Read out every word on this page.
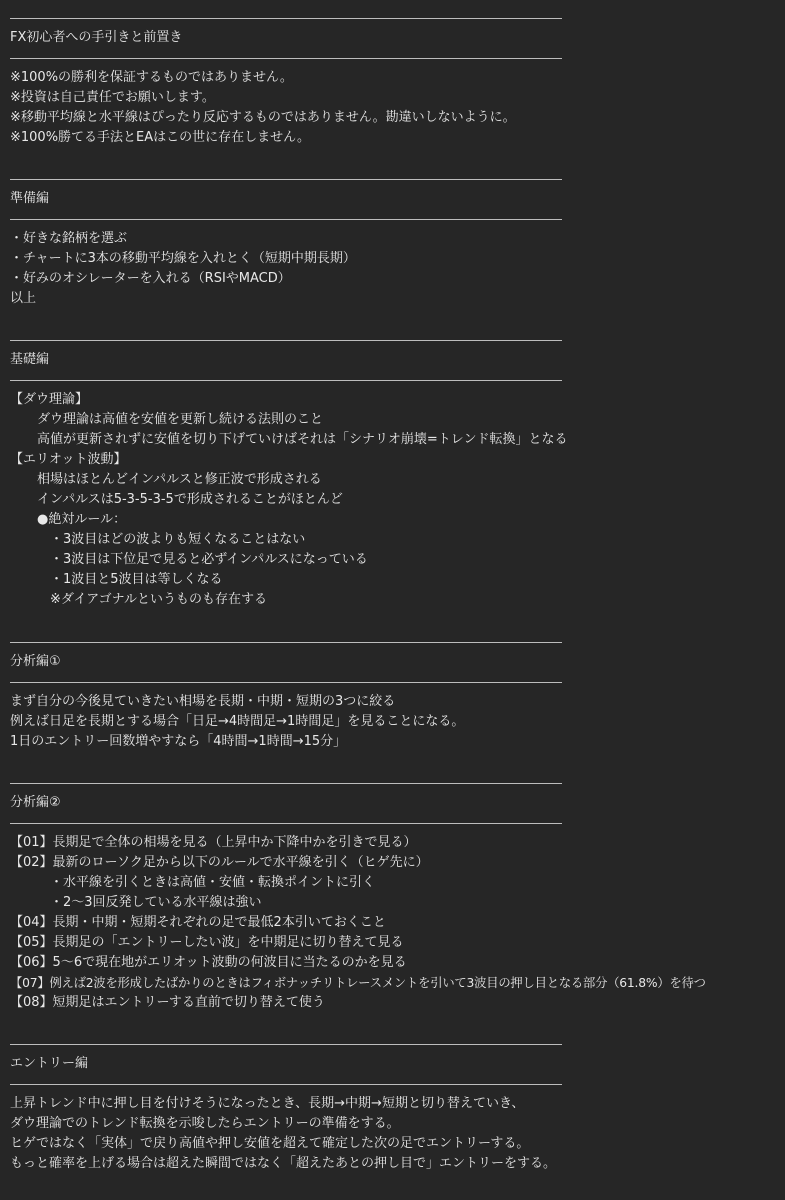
FX初心者への手引きと前置き
※100%の勝利を保証するものではありません。
※投資は自己責任でお願いします。
※移動平均線と水平線はぴったり反応するものではありません。勘違いしないように。
※100%勝てる手法とEAはこの世に存在しません。
準備編
・好きな銘柄を選ぶ
・チャートに3本の移動平均線を入れとく（短期中期長期）
・好みのオシレーターを入れる（RSIやMACD）
以上
基礎編
【ダウ理論】
ダウ理論は高値を安値を更新し続ける法則のこと
高値が更新されずに安値を切り下げていけばそれは「シナリオ崩壊=トレンド転換」となる
【エリオット波動】
相場はほとんどインパルスと修正波で形成される
インパルスは5-3-5-3-5で形成されることがほとんど
●絶対ルール：
・3波目はどの波よりも短くなることはない
・3波目は下位足で見ると必ずインパルスになっている
・1波目と5波目は等しくなる
※ダイアゴナルというものも存在する
分析編①
まず自分の今後見ていきたい相場を長期・中期・短期の3つに絞る
例えば日足を長期とする場合「日足→4時間足→1時間足」を見ることになる。
1日のエントリー回数増やすなら「4時間→1時間→15分」
分析編②
【01】長期足で全体の相場を見る（上昇中か下降中かを引きで見る）
【02】最新のローソク足から以下のルールで水平線を引く（ヒゲ先に）
・水平線を引くときは高値・安値・転換ポイントに引く
・2～3回反発している水平線は強い
【04】長期・中期・短期それぞれの足で最低2本引いておくこと
【05】長期足の「エントリーしたい波」を中期足に切り替えて見る
【06】5～6で現在地がエリオット波動の何波目に当たるのかを見る
【07】例えば2波を形成したばかりのときはフィボナッチリトレースメントを引いて3波目の押し目となる部分（61.8%）を待つ
【08】短期足はエントリーする直前で切り替えて使う
エントリー編
上昇トレンド中に押し目を付けそうになったとき、長期→中期→短期と切り替えていき、
ダウ理論でのトレンド転換を示唆したらエントリーの準備をする。
ヒゲではなく「実体」で戻り高値や押し安値を超えて確定した次の足でエントリーする。
もっと確率を上げる場合は超えた瞬間ではなく「超えたあとの押し目で」エントリーをする。
